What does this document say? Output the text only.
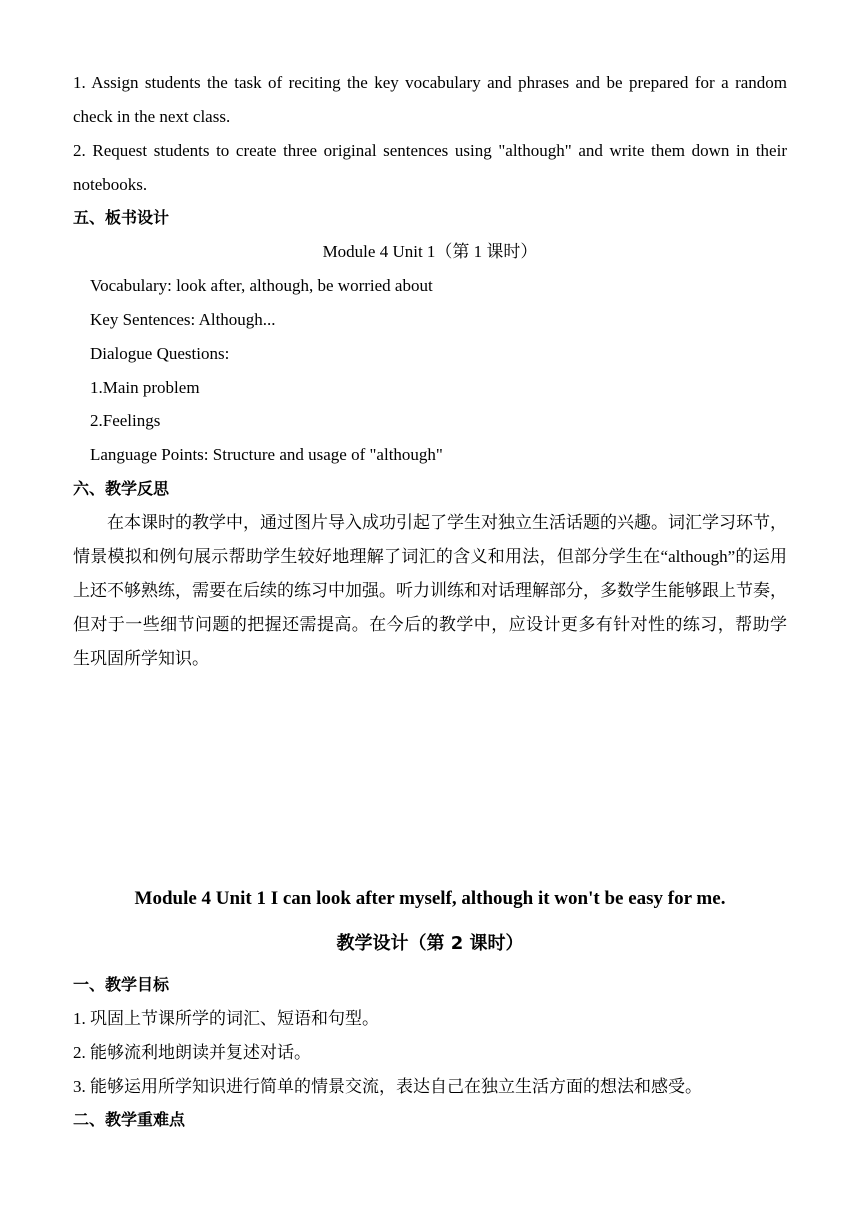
1. Assign students the task of reciting the key vocabulary and phrases and be prepared for a random
check in the next class.
2. Request students to create three original sentences using "although" and write them down in their
notebooks.
五、板书设计
Module 4 Unit 1（第 1 课时）
Vocabulary: look after, although, be worried about
Key Sentences: Although...
Dialogue Questions:
1.Main problem
2.Feelings
Language Points: Structure and usage of "although"
六、教学反思
在本课时的教学中，通过图片导入成功引起了学生对独立生活话题的兴趣。词汇学习环节，
情景模拟和例句展示帮助学生较好地理解了词汇的含义和用法，但部分学生在“although”的运用
上还不够熟练，需要在后续的练习中加强。听力训练和对话理解部分，多数学生能够跟上节奏，
但对于一些细节问题的把握还需提高。在今后的教学中，应设计更多有针对性的练习，帮助学
生巩固所学知识。
Module 4 Unit 1 I can look after myself, although it won't be easy for me.
教学设计（第 2 课时）
一、教学目标
1. 巩固上节课所学的词汇、短语和句型。
2. 能够流利地朗读并复述对话。
3. 能够运用所学知识进行简单的情景交流，表达自己在独立生活方面的想法和感受。
二、教学重难点
